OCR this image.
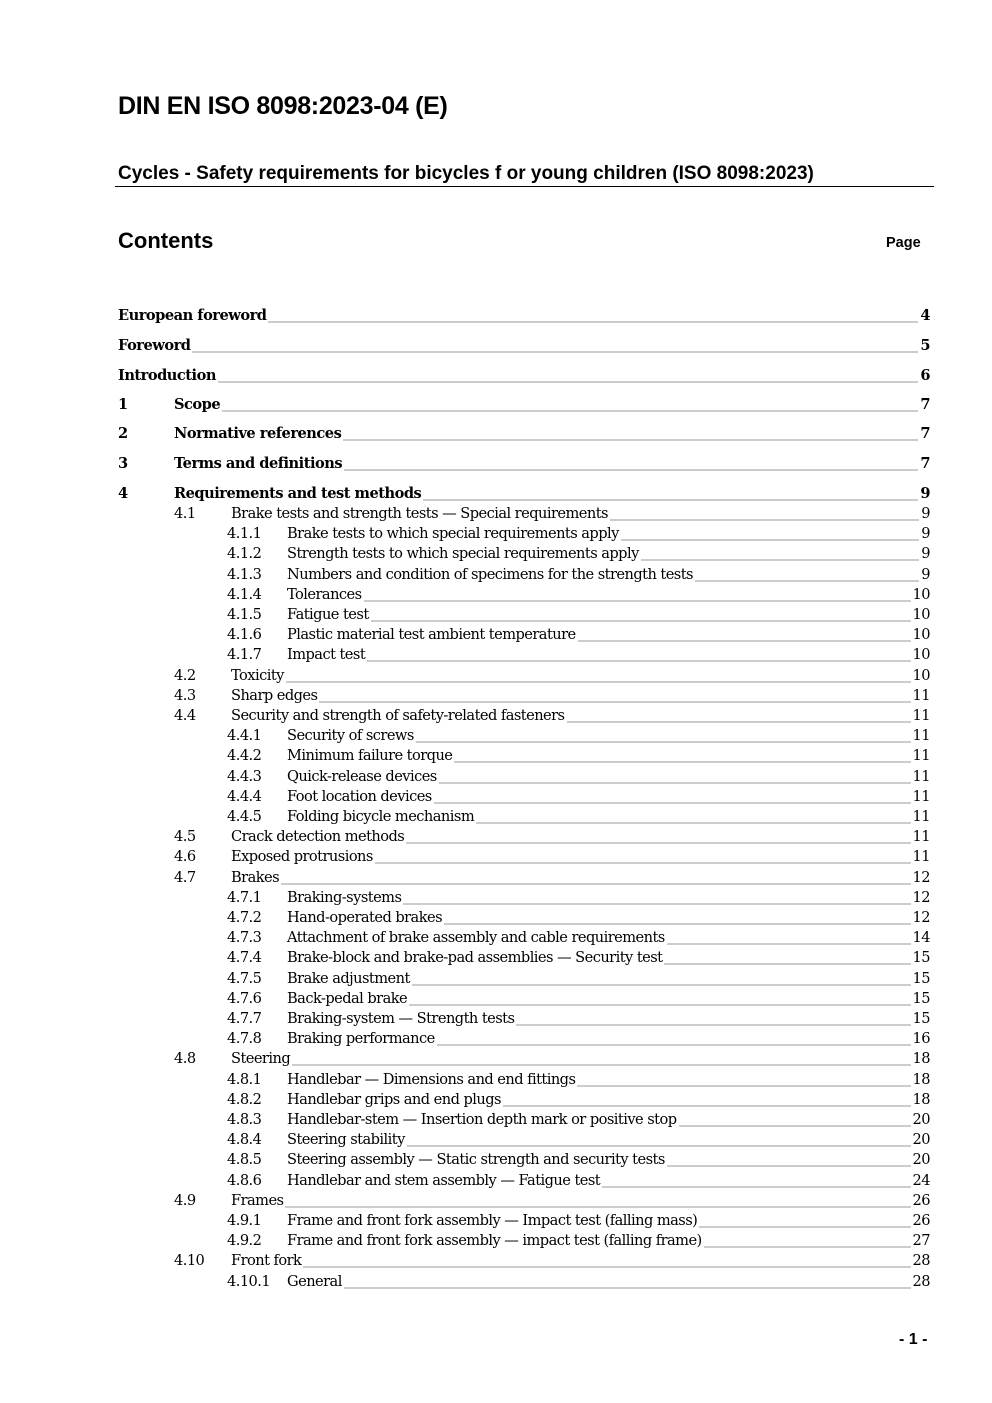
DIN EN ISO 8098:2023-04 (E)
Cycles - Safety requirements for bicycles f or young children (ISO 8098:2023)
Contents	Page
European foreword	4
Foreword	5
Introduction	6
1	Scope	7
2	Normative references	7
3	Terms and definitions	7
4	Requirements and test methods	9
4.1	Brake tests and strength tests — Special requirements	9
4.1.1	Brake tests to which special requirements apply	9
4.1.2	Strength tests to which special requirements apply	9
4.1.3	Numbers and condition of specimens for the strength tests	9
4.1.4	Tolerances	10
4.1.5	Fatigue test	10
4.1.6	Plastic material test ambient temperature	10
4.1.7	Impact test	10
4.2	Toxicity	10
4.3	Sharp edges	11
4.4	Security and strength of safety-related fasteners	11
4.4.1	Security of screws	11
4.4.2	Minimum failure torque	11
4.4.3	Quick-release devices	11
4.4.4	Foot location devices	11
4.4.5	Folding bicycle mechanism	11
4.5	Crack detection methods	11
4.6	Exposed protrusions	11
4.7	Brakes	12
4.7.1	Braking-systems	12
4.7.2	Hand-operated brakes	12
4.7.3	Attachment of brake assembly and cable requirements	14
4.7.4	Brake-block and brake-pad assemblies — Security test	15
4.7.5	Brake adjustment	15
4.7.6	Back-pedal brake	15
4.7.7	Braking-system — Strength tests	15
4.7.8	Braking performance	16
4.8	Steering	18
4.8.1	Handlebar — Dimensions and end fittings	18
4.8.2	Handlebar grips and end plugs	18
4.8.3	Handlebar-stem — Insertion depth mark or positive stop	20
4.8.4	Steering stability	20
4.8.5	Steering assembly — Static strength and security tests	20
4.8.6	Handlebar and stem assembly — Fatigue test	24
4.9	Frames	26
4.9.1	Frame and front fork assembly — Impact test (falling mass)	26
4.9.2	Frame and front fork assembly — impact test (falling frame)	27
4.10	Front fork	28
4.10.1	General	28
- 1 -
